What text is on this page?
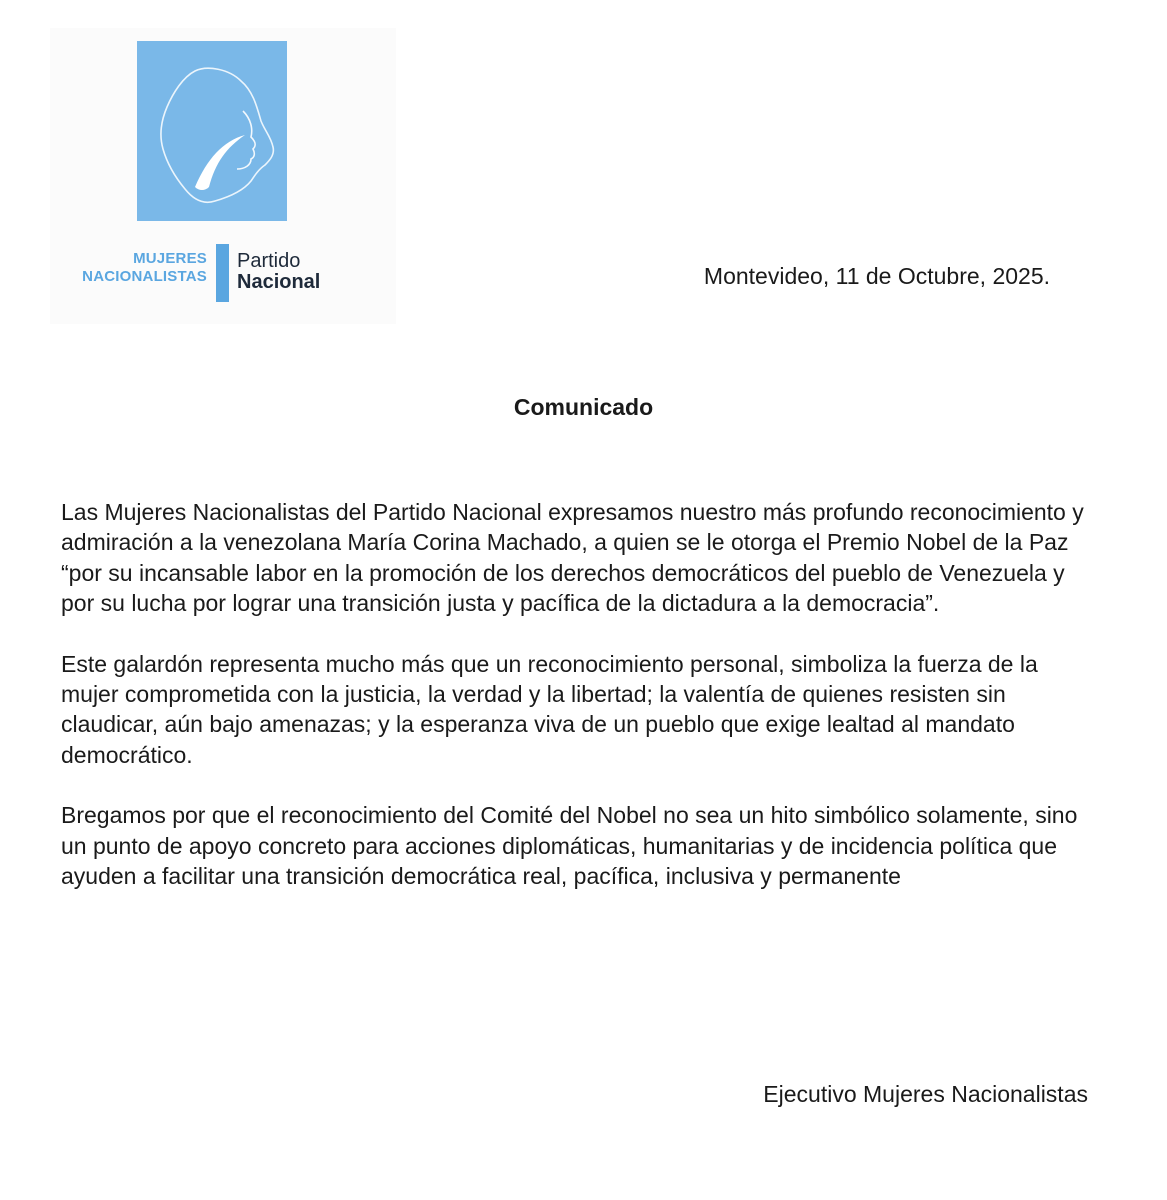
MUJERES
NACIONALISTAS
Partido
Nacional	Montevideo, 11 de Octubre, 2025.
Comunicado

Las Mujeres Nacionalistas del Partido Nacional expresamos nuestro más profundo reconocimiento y admiración a la venezolana María Corina Machado, a quien se le otorga el Premio Nobel de la Paz “por su incansable labor en la promoción de los derechos democráticos del pueblo de Venezuela y por su lucha por lograr una transición justa y pacífica de la dictadura a la democracia”.

Este galardón representa mucho más que un reconocimiento personal, simboliza la fuerza de la mujer comprometida con la justicia, la verdad y la libertad; la valentía de quienes resisten sin claudicar, aún bajo amenazas; y la esperanza viva de un pueblo que exige lealtad al mandato democrático.

Bregamos por que el reconocimiento del Comité del Nobel no sea un hito simbólico solamente, sino un punto de apoyo concreto para acciones diplomáticas, humanitarias y de incidencia política que ayuden a facilitar una transición democrática real, pacífica, inclusiva y permanente

Ejecutivo Mujeres Nacionalistas
